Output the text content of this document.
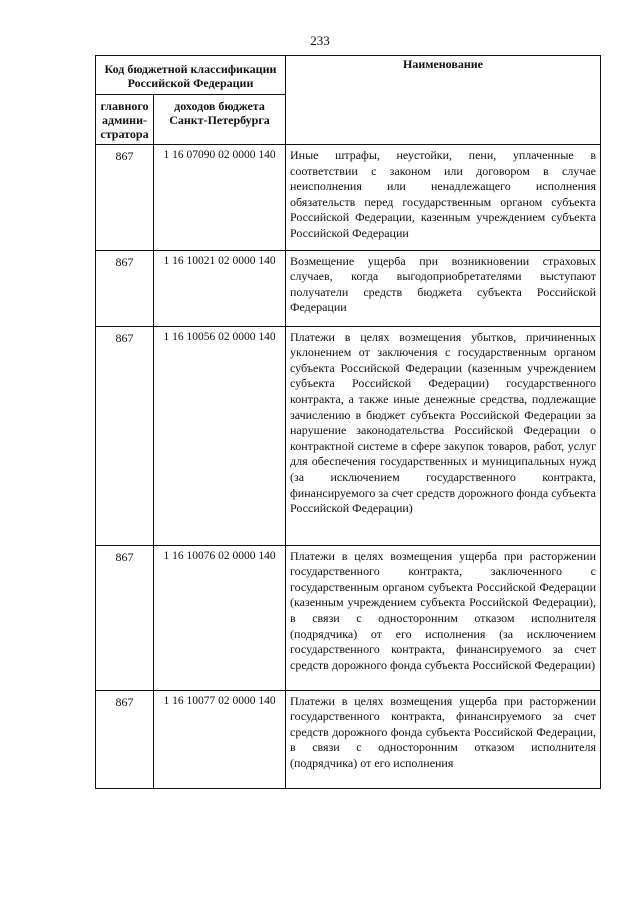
233
Код бюджетной классификации Российской Федерации		Наименование
главного админи-стратора	доходов бюджета Санкт-Петербурга	
867	1 16 07090 02 0000 140	Иные штрафы, неустойки, пени, уплаченные в соответствии с законом или договором в случае неисполнения или ненадлежащего исполнения обязательств перед государственным органом субъекта Российской Федерации, казенным учреждением субъекта Российской Федерации
867	1 16 10021 02 0000 140	Возмещение ущерба при возникновении страховых случаев, когда выгодоприобретателями выступают получатели средств бюджета субъекта Российской Федерации
867	1 16 10056 02 0000 140	Платежи в целях возмещения убытков, причиненных уклонением от заключения с государственным органом субъекта Российской Федерации (казенным учреждением субъекта Российской Федерации) государственного контракта, а также иные денежные средства, подлежащие зачислению в бюджет субъекта Российской Федерации за нарушение законодательства Российской Федерации о контрактной системе в сфере закупок товаров, работ, услуг для обеспечения государственных и муниципальных нужд (за исключением государственного контракта, финансируемого за счет средств дорожного фонда субъекта Российской Федерации)
867	1 16 10076 02 0000 140	Платежи в целях возмещения ущерба при расторжении государственного контракта, заключенного с государственным органом субъекта Российской Федерации (казенным учреждением субъекта Российской Федерации), в связи с односторонним отказом исполнителя (подрядчика) от его исполнения (за исключением государственного контракта, финансируемого за счет средств дорожного фонда субъекта Российской Федерации)
867	1 16 10077 02 0000 140	Платежи в целях возмещения ущерба при расторжении государственного контракта, финансируемого за счет средств дорожного фонда субъекта Российской Федерации, в связи с односторонним отказом исполнителя (подрядчика) от его исполнения
